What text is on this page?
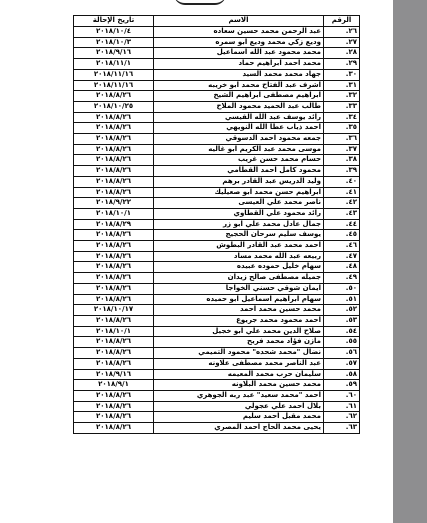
الرقم	الاسم	تاريخ الإحالة
٢٦.	عبد الرحمن محمد حسين سعاده	٢٠١٨/١٠/٤
٢٧.	وديع زكي محمد وديع ابو سمره	٢٠١٨/١٠/٣
٢٨.	محمد محمود عبد الله اسماعيل	٢٠١٨/٩/١٦
٢٩.	محمد احمد ابراهيم حماد	٢٠١٨/١١/١
٣٠.	جهاد محمد محمد السيد	٢٠١٨/١١/١٦
٣١.	اشرف عبد الفتاح محمد ابو خريبه	٢٠١٨/١١/١٦
٣٢.	ابراهيم مصطفى ابراهيم الشيخ	٢٠١٨/٨/٢٦
٣٣.	طالب عبد الحميد محمود الملاح	٢٠١٨/١٠/٢٥
٣٤.	رائد يوسف عبد الله القيسي	٢٠١٨/٨/٢٦
٣٥.	احمد ذياب عطا الله النويهي	٢٠١٨/٨/٢٦
٣٦.	جمعه محمود احمد الدسوقي	٢٠١٨/٨/٢٦
٣٧.	موسى محمد عبد الكريم ابو غاليه	٢٠١٨/٨/٢٦
٣٨.	حسام محمد حسن غريب	٢٠١٨/٨/٢٦
٣٩.	محمود كامل احمد القطامي	٢٠١٨/٨/٢٦
٤٠.	وليد الدريس عبد القادر برهم	٢٠١٨/٨/٢٦
٤١.	ابراهيم حسن محمد ابو صعيليك	٢٠١٨/٨/٢٦
٤٢.	ناصر محمد علي العيسى	٢٠١٨/٩/٢٢
٤٣.	رائد محمود علي القطاوي	٢٠١٨/١٠/١
٤٤.	جمال عادل محمد علي ابو زر	٢٠١٨/٨/٢٩
٤٥.	يوسف سليم سرحان الحجيج	٢٠١٨/٨/٢٦
٤٦.	احمد محمد عبد القادر البطوش	٢٠١٨/٨/٢٦
٤٧.	ربيعه عبد الله محمد مساد	٢٠١٨/٨/٢٦
٤٨.	سهام خليل حموده عبيده	٢٠١٨/٨/٢٦
٤٩.	جميله مصطفى صالح زيدان	٢٠١٨/٨/٢٦
٥٠.	ايمان شوقي حسني الخواجا	٢٠١٨/٨/٢٦
٥١.	سهام ابراهيم اسماعيل ابو حميده	٢٠١٨/٨/٢٦
٥٢.	محمد حسين محمد احمد	٢٠١٨/١٠/١٧
٥٣.	احمد محمود محمد جريوع	٢٠١٨/٨/٢٦
٥٤.	صلاح الدين محمد علي ابو خجيل	٢٠١٨/١٠/١
٥٥.	مازن فؤاد محمد فريح	٢٠١٨/٨/٢٦
٥٦.	نضال "محمد شحده" محمود التميمي	٢٠١٨/٨/٢٦
٥٧.	عبد الناصر محمد مصطفى علاونه	٢٠١٨/٨/٢٦
٥٨.	سليمان حرب محمد المعيمه	٢٠١٨/٩/١٦
٥٩.	محمد حسين محمد البلاونه	٢٠١٨/٩/١
٦٠.	احمد "محمد سعيد" عبد ربه الجوهري	٢٠١٨/٨/٢٦
٦١.	بلال احمد علي عجولي	٢٠١٨/٨/٢٦
٦٢.	محمد مقبل احمد سليم	٢٠١٨/٨/٢٦
٦٣.	يحيى محمد الحاج احمد المصري	٢٠١٨/٨/٢٦
